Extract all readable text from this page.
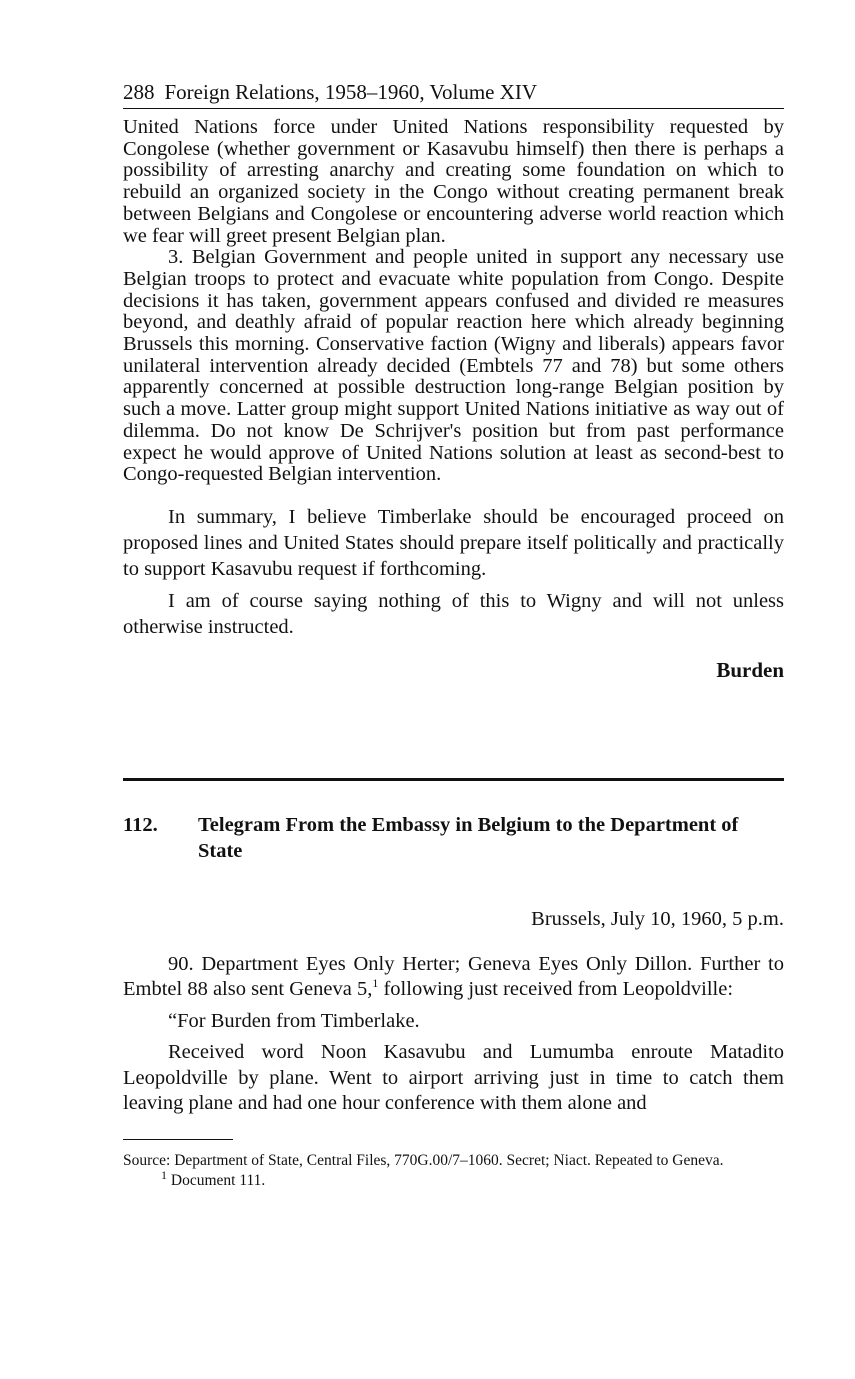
288 Foreign Relations, 1958–1960, Volume XIV

United Nations force under United Nations responsibility requested by Congolese (whether government or Kasavubu himself) then there is perhaps a possibility of arresting anarchy and creating some foundation on which to rebuild an organized society in the Congo without creating permanent break between Belgians and Congolese or encountering adverse world reaction which we fear will greet present Belgian plan.

3. Belgian Government and people united in support any necessary use Belgian troops to protect and evacuate white population from Congo. Despite decisions it has taken, government appears confused and divided re measures beyond, and deathly afraid of popular reaction here which already beginning Brussels this morning. Conservative faction (Wigny and liberals) appears favor unilateral intervention already decided (Embtels 77 and 78) but some others apparently concerned at possible destruction long-range Belgian position by such a move. Latter group might support United Nations initiative as way out of dilemma. Do not know De Schrijver's position but from past performance expect he would approve of United Nations solution at least as second-best to Congo-requested Belgian intervention.

In summary, I believe Timberlake should be encouraged proceed on proposed lines and United States should prepare itself politically and practically to support Kasavubu request if forthcoming.

I am of course saying nothing of this to Wigny and will not unless otherwise instructed.

Burden
112.	Telegram From the Embassy in Belgium to the Department of State
Brussels, July 10, 1960, 5 p.m.

90. Department Eyes Only Herter; Geneva Eyes Only Dillon. Further to Embtel 88 also sent Geneva 5,$^1$ following just received from Leopoldville:

“For Burden from Timberlake.

Received word Noon Kasavubu and Lumumba enroute Matadito Leopoldville by plane. Went to airport arriving just in time to catch them leaving plane and had one hour conference with them alone and

Source: Department of State, Central Files, 770G.00/7–1060. Secret; Niact. Repeated to Geneva.

$^1$ Document 111.
